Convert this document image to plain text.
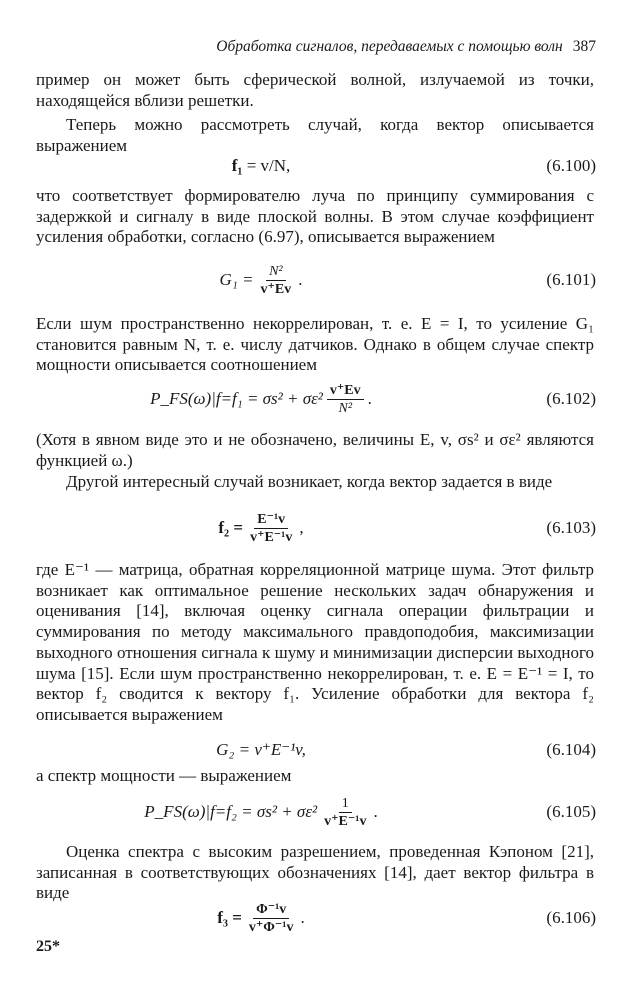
Обработка сигналов, передаваемых с помощью волн 387
пример он может быть сферической волной, излучаемой из точки, находящейся вблизи решетки.
Теперь можно рассмотреть случай, когда вектор описывается выражением
f₁
= v/N,	(6.100)
что соответствует формирователю луча по принципу суммирования с задержкой и сигналу в виде плоской волны. В этом случае коэффициент усиления обработки, согласно (6.97), описывается выражением
$G_1 = \frac{\text{N²}}{v^+Ev}$ .	(6.101)
Если шум пространственно некоррелирован, т. е. E = I, то усиление G₁ становится равным N, т. е. числу датчиков. Однако в общем случае спектр мощности описывается соотношением
P_FS(ω)|f=f₁ = $\sigma s^2 + \sigma\varepsilon^2 \frac{v^+Ev}{\text{N²}}$ .	(6.102)
(Хотя в явном виде это и не обозначено, величины E, v, σs² и σε² являются функцией ω.)
Другой интересный случай возникает, когда вектор задается в виде
$f_2 = \frac{\text{E⁻¹v}}{\text{v⁺E⁻¹v}}$ ,	(6.103)
где E⁻¹ — матрица, обратная корреляционной матрице шума. Этот фильтр возникает как оптимальное решение нескольких задач обнаружения и оценивания [14], включая оценку сигнала операции фильтрации и суммирования по методу максимального правдоподобия, максимизации выходного отношения сигнала к шуму и минимизации дисперсии выходного шума [15]. Если шум пространственно некоррелирован, т. е. E = E⁻¹ = I, то вектор f₂ сводится к вектору f₁. Усиление обработки для вектора f₂ описывается выражением
G₂ = v⁺E⁻¹v,	(6.104)
а спектр мощности — выражением
P_FS(ω)|f=f₂ = $\sigma s^2 + \sigma\varepsilon^2 \frac{1}{\text{v⁺E⁻¹v}}$ .	(6.105)
Оценка спектра с высоким разрешением, проведенная Кэпоном [21], записанная в соответствующих обозначениях [14], дает вектор фильтра в виде
$f_3 = \frac{\text{Φ⁻¹v}}{\text{v⁺Φ⁻¹v}}$ .	(6.106)
25*
